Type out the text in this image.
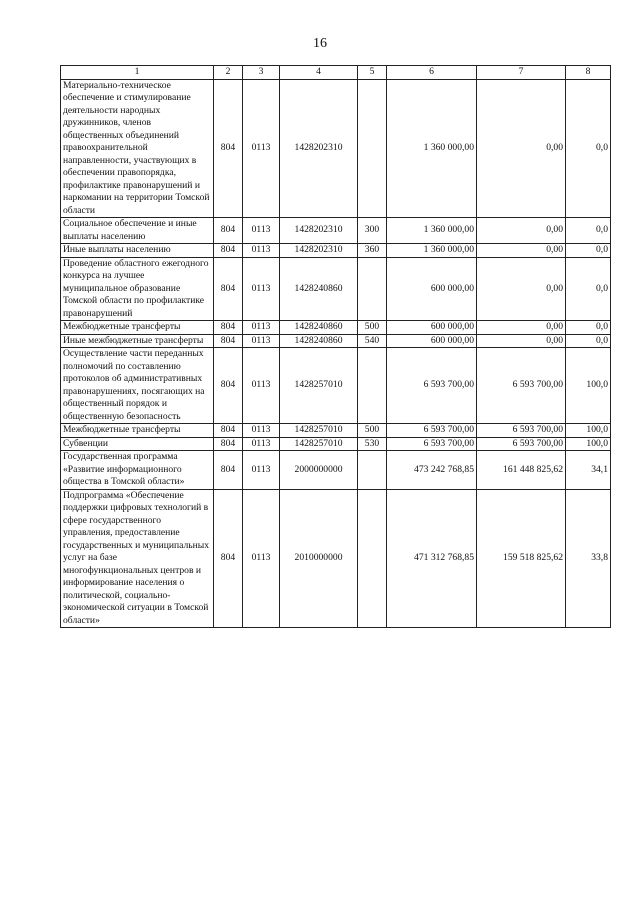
16
1	2	3	4	5	6	7	8
Материально-техническое обеспечение и стимулирование деятельности народных дружинников, членов общественных объединений правоохранительной направленности, участвующих в обеспечении правопорядка, профилактике правонарушений и наркомании на территории Томской области	804	0113	1428202310		1 360 000,00	0,00	0,0
Социальное обеспечение и иные выплаты населению	804	0113	1428202310	300	1 360 000,00	0,00	0,0
Иные выплаты населению	804	0113	1428202310	360	1 360 000,00	0,00	0,0
Проведение областного ежегодного конкурса на лучшее муниципальное образование Томской области по профилактике правонарушений	804	0113	1428240860		600 000,00	0,00	0,0
Межбюджетные трансферты	804	0113	1428240860	500	600 000,00	0,00	0,0
Иные межбюджетные трансферты	804	0113	1428240860	540	600 000,00	0,00	0,0
Осуществление части переданных полномочий по составлению протоколов об административных правонарушениях, посягающих на общественный порядок и общественную безопасность	804	0113	1428257010		6 593 700,00	6 593 700,00	100,0
Межбюджетные трансферты	804	0113	1428257010	500	6 593 700,00	6 593 700,00	100,0
Субвенции	804	0113	1428257010	530	6 593 700,00	6 593 700,00	100,0
Государственная программа «Развитие информационного общества в Томской области»	804	0113	2000000000		473 242 768,85	161 448 825,62	34,1
Подпрограмма «Обеспечение поддержки цифровых технологий в сфере государственного управления, предоставление государственных и муниципальных услуг на базе многофункциональных центров и информирование населения о политической, социально-экономической ситуации в Томской области»	804	0113	2010000000		471 312 768,85	159 518 825,62	33,8
